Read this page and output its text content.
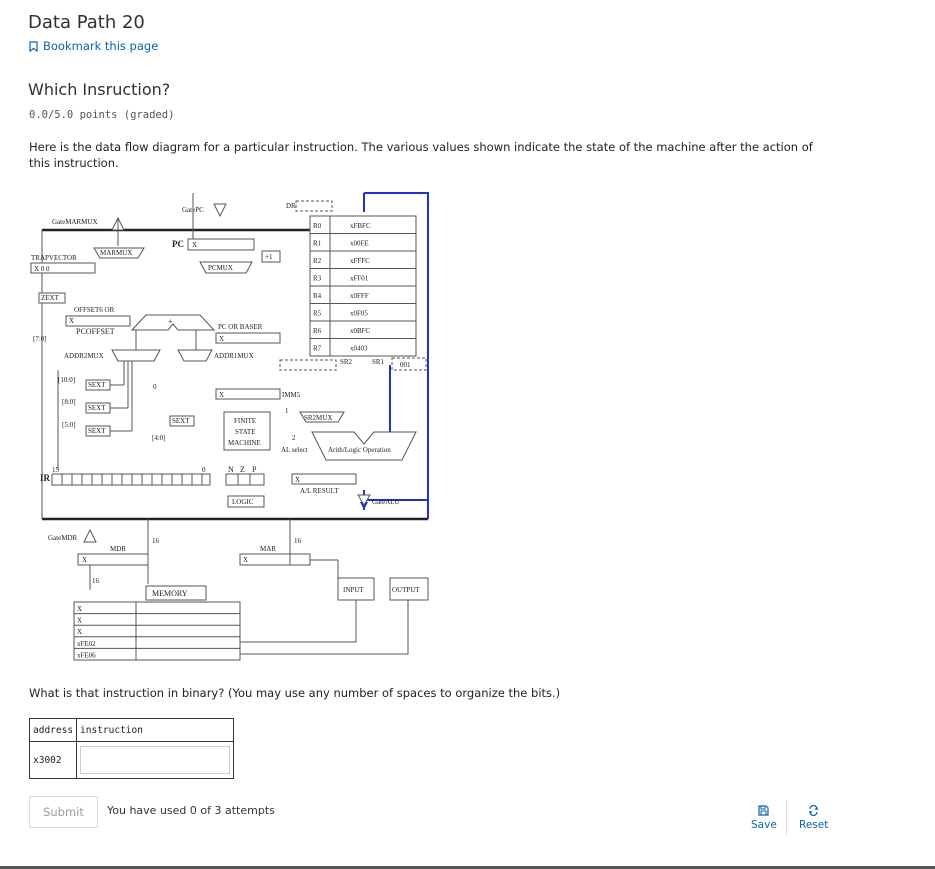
Data Path 20
Bookmark this page
Which Insruction?
0.0/5.0 points (graded)

Here is the data flow diagram for a particular instruction. The various values shown indicate the state of the machine after the action of this instruction.

GateMARMUX
GatePC	DR
PC X
MARMUX	+1
PCMUX
TRAPVECTOR
X 0 0
ZEXT
OFFSET6 OR
X
PCOFFSET
[7:0]
+
PC OR BASER
X
ADDR2MUX	ADDR1MUX
[10:0]
SEXT
[8:0]
SEXT
[5:0]
SEXT
0
SEXT
[4:0]
X	IMM5
1
SR2MUX
2
AL select	Arith/Logic Operation
FINITE
STATE
MACHINE
N Z P
LOGIC
X
A/L RESULT
GateALU
IR
15	0
R0	xFBFC
R1	x00FE
R2	xFFFC
R3	xFF01
R4	x0FFF
R5	x0F05
R6	x0BFC
R7	x0403
SR2	SR1 001
GateMDR
MDR
X
16
MAR
X
16
16
MEMORY
X
X
X
xFE02
xFE06
INPUT	OUTPUT

What is that instruction in binary? (You may use any number of spaces to organize the bits.)

address	instruction
x3002	
Submit	You have used 0 of 3 attempts
Save Reset
